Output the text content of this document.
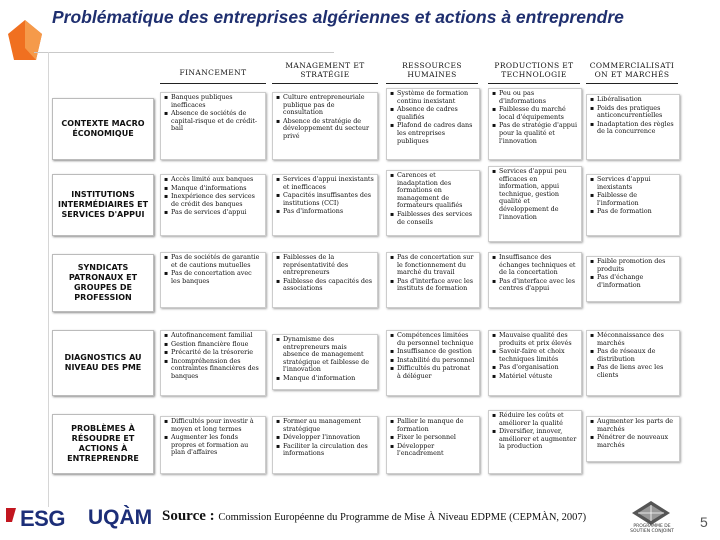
Problématique des entreprises algériennes et actions à entreprendre
FINANCEMENT
MANAGEMENT ET STRATÉGIE
RESSOURCES HUMAINES
PRODUCTIONS ET TECHNOLOGIE
COMMERCIALISATI ON ET MARCHÉS
CONTEXTE MACRO ÉCONOMIQUE
▪ Banques publiques inefficaces
▪ Absence de sociétés de capital-risque et de crédit-bail
▪ Culture entrepreneuriale publique pas de consultation
▪ Absence de stratégie de développement du secteur privé
▪ Système de formation continu inexistant
▪ Absence de cadres qualifiés
▪ Plafond de cadres dans les entreprises publiques
▪ Peu ou pas d'informations
▪ Faiblesse du marché local d'équipements
▪ Pas de stratégie d'appui pour la qualité et l'innovation
▪ Libéralisation
▪ Poids des pratiques anticoncurrentielles
▪ Inadaptation des règles de la concurrence
INSTITUTIONS INTERMÉDIAIRES ET SERVICES D'APPUI
▪ Accès limité aux banques
▪ Manque d'informations
▪ Inexpérience des services de crédit des banques
▪ Pas de services d'appui
▪ Services d'appui inexistants et inefficaces
▪ Capacités insuffisantes des institutions (CCI)
▪ Pas d'informations
▪ Carences et inadaptation des formations en management de formateurs qualifiés
▪ Faiblesses des services de conseils
▪ Services d'appui peu efficaces en information, appui technique, gestion qualité et développement de l'innovation
▪ Services d'appui inexistants
▪ Faiblesse de l'information
▪ Pas de formation
SYNDICATS PATRONAUX ET GROUPES DE PROFESSION
▪ Pas de sociétés de garantie et de cautions mutuelles
▪ Pas de concertation avec les banques
▪ Faiblesses de la représentativité des entrepreneurs
▪ Faiblesse des capacités des associations
▪ Pas de concertation sur le fonctionnement du marché du travail
▪ Pas d'interface avec les instituts de formation
▪ Insuffisance des échanges techniques et de la concertation
▪ Pas d'interface avec les centres d'appui
▪ Faible promotion des produits
▪ Pas d'échange d'information
DIAGNOSTICS AU NIVEAU DES PME
▪ Autofinancement familial
▪ Gestion financière floue
▪ Précarité de la trésorerie
▪ Incompréhension des contraintes financières des banques
▪ Dynamisme des entrepreneurs mais absence de management stratégique et faiblesse de l'innovation
▪ Manque d'information
▪ Compétences limitées du personnel technique
▪ Insuffisance de gestion
▪ Instabilité du personnel
▪ Difficultés du patronat à déléguer
▪ Mauvaise qualité des produits et prix élevés
▪ Savoir-faire et choix techniques limités
▪ Pas d'organisation
▪ Matériel vétuste
▪ Méconnaissance des marchés
▪ Pas de réseaux de distribution
▪ Pas de liens avec les clients
PROBLÈMES À RÉSOUDRE ET ACTIONS À ENTREPRENDRE
▪ Difficultés pour investir à moyen et long termes
▪ Augmenter les fonds propres et formation au plan d'affaires
▪ Former au management stratégique
▪ Développer l'innovation
▪ Faciliter la circulation des informations
▪ Pallier le manque de formation
▪ Fixer le personnel
▪ Développer l'encadrement
▪ Réduire les coûts et améliorer la qualité
▪ Diversifier, innover, améliorer et augmenter la production
▪ Augmenter les parts de marchés
▪ Pénétrer de nouveaux marchés
ESG UQÀM Source : Commission Européenne du Programme de Mise À Niveau EDPME (CEPMÀN, 2007)
PROGRAMME DE SOUTIEN CONJOINT
5
